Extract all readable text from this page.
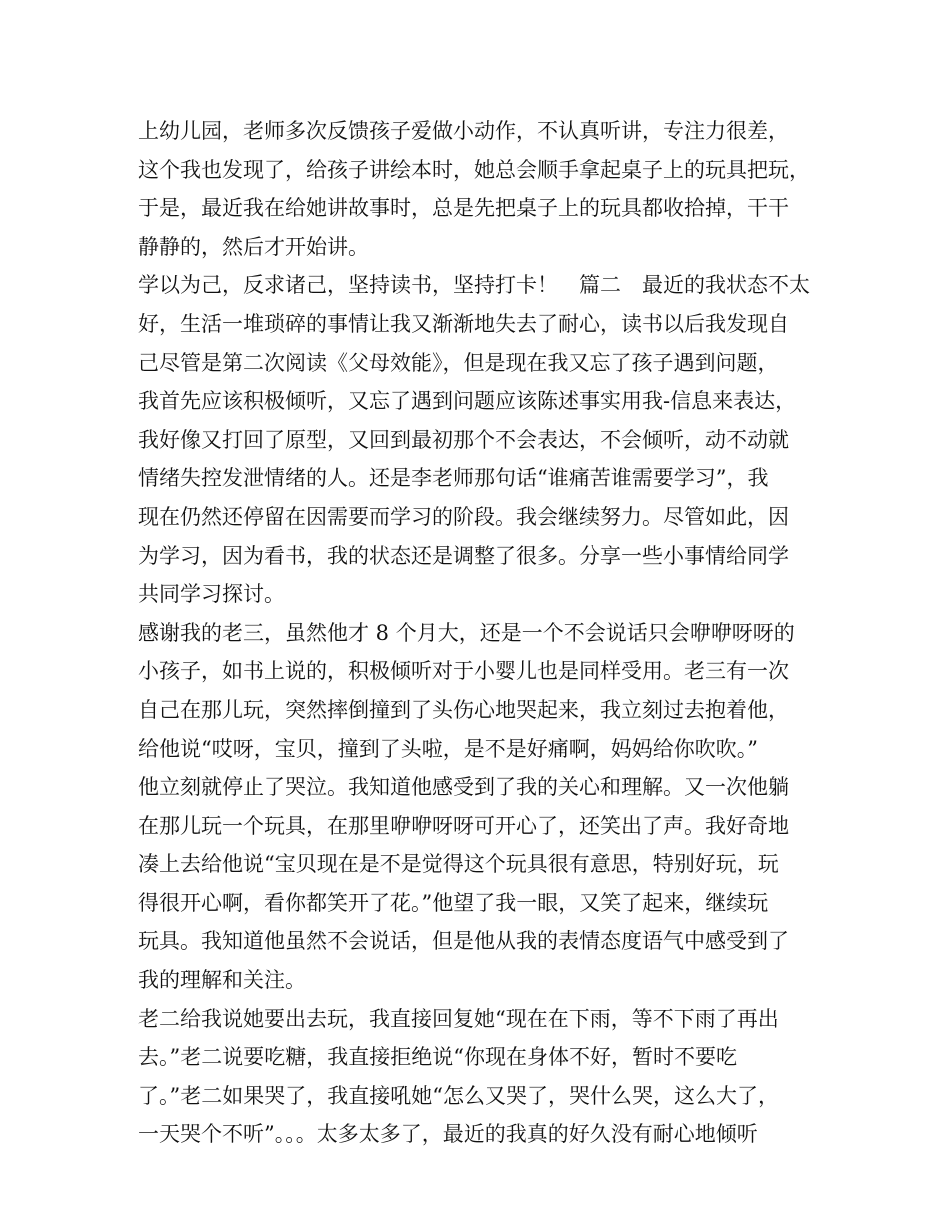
上幼儿园，老师多次反馈孩子爱做小动作，不认真听讲，专注力很差，
这个我也发现了，给孩子讲绘本时，她总会顺手拿起桌子上的玩具把玩，
于是，最近我在给她讲故事时，总是先把桌子上的玩具都收拾掉，干干
静静的，然后才开始讲。
学以为己，反求诸己，坚持读书，坚持打卡！　篇二　最近的我状态不太
好，生活一堆琐碎的事情让我又渐渐地失去了耐心，读书以后我发现自
己尽管是第二次阅读《父母效能》，但是现在我又忘了孩子遇到问题，
我首先应该积极倾听，又忘了遇到问题应该陈述事实用我-信息来表达，
我好像又打回了原型，又回到最初那个不会表达，不会倾听，动不动就
情绪失控发泄情绪的人。还是李老师那句话“谁痛苦谁需要学习”，我
现在仍然还停留在因需要而学习的阶段。我会继续努力。尽管如此，因
为学习，因为看书，我的状态还是调整了很多。分享一些小事情给同学
共同学习探讨。
感谢我的老三，虽然他才 8 个月大，还是一个不会说话只会咿咿呀呀的
小孩子，如书上说的，积极倾听对于小婴儿也是同样受用。老三有一次
自己在那儿玩，突然摔倒撞到了头伤心地哭起来，我立刻过去抱着他，
给他说“哎呀，宝贝，撞到了头啦，是不是好痛啊，妈妈给你吹吹。”
他立刻就停止了哭泣。我知道他感受到了我的关心和理解。又一次他躺
在那儿玩一个玩具，在那里咿咿呀呀可开心了，还笑出了声。我好奇地
凑上去给他说“宝贝现在是不是觉得这个玩具很有意思，特别好玩，玩
得很开心啊，看你都笑开了花。”他望了我一眼，又笑了起来，继续玩
玩具。我知道他虽然不会说话，但是他从我的表情态度语气中感受到了
我的理解和关注。
老二给我说她要出去玩，我直接回复她“现在在下雨，等不下雨了再出
去。”老二说要吃糖，我直接拒绝说“你现在身体不好，暂时不要吃
了。”老二如果哭了，我直接吼她“怎么又哭了，哭什么哭，这么大了，
一天哭个不听”。。。太多太多了，最近的我真的好久没有耐心地倾听
